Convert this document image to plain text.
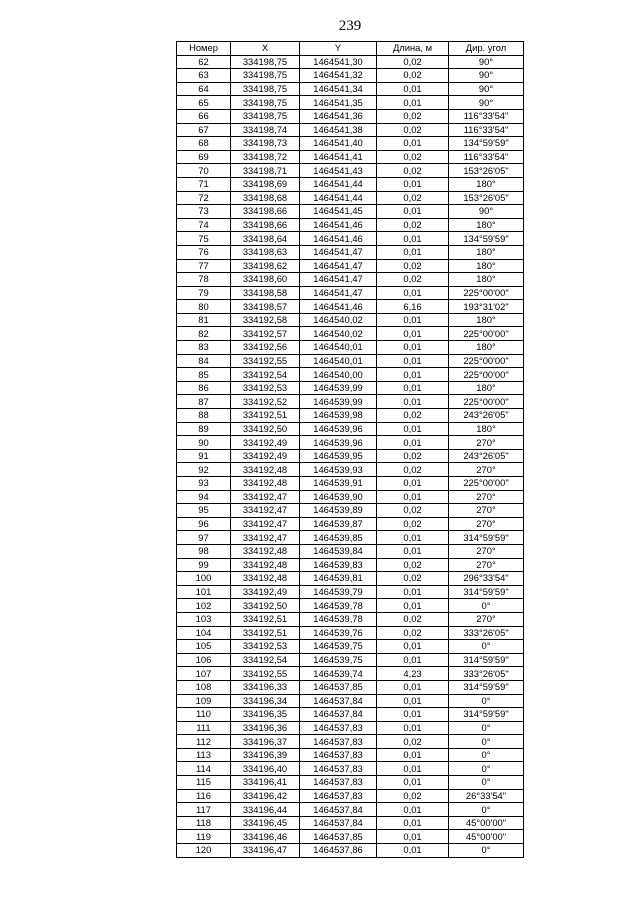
239
Номер	X	Y	Длина, м	Дир. угол
62	334198,75	1464541,30	0,02	90°
63	334198,75	1464541,32	0,02	90°
64	334198,75	1464541,34	0,01	90°
65	334198,75	1464541,35	0,01	90°
66	334198,75	1464541,36	0,02	116°33'54"
67	334198,74	1464541,38	0,02	116°33'54"
68	334198,73	1464541,40	0,01	134°59'59"
69	334198,72	1464541,41	0,02	116°33'54"
70	334198,71	1464541,43	0,02	153°26'05"
71	334198,69	1464541,44	0,01	180°
72	334198,68	1464541,44	0,02	153°26'05"
73	334198,66	1464541,45	0,01	90°
74	334198,66	1464541,46	0,02	180°
75	334198,64	1464541,46	0,01	134°59'59"
76	334198,63	1464541,47	0,01	180°
77	334198,62	1464541,47	0,02	180°
78	334198,60	1464541,47	0,02	180°
79	334198,58	1464541,47	0,01	225°00'00"
80	334198,57	1464541,46	6,16	193°31'02"
81	334192,58	1464540,02	0,01	180°
82	334192,57	1464540,02	0,01	225°00'00"
83	334192,56	1464540,01	0,01	180°
84	334192,55	1464540,01	0,01	225°00'00"
85	334192,54	1464540,00	0,01	225°00'00"
86	334192,53	1464539,99	0,01	180°
87	334192,52	1464539,99	0,01	225°00'00"
88	334192,51	1464539,98	0,02	243°26'05"
89	334192,50	1464539,96	0,01	180°
90	334192,49	1464539,96	0,01	270°
91	334192,49	1464539,95	0,02	243°26'05"
92	334192,48	1464539,93	0,02	270°
93	334192,48	1464539,91	0,01	225°00'00"
94	334192,47	1464539,90	0,01	270°
95	334192,47	1464539,89	0,02	270°
96	334192,47	1464539,87	0,02	270°
97	334192,47	1464539,85	0,01	314°59'59"
98	334192,48	1464539,84	0,01	270°
99	334192,48	1464539,83	0,02	270°
100	334192,48	1464539,81	0,02	296°33'54"
101	334192,49	1464539,79	0,01	314°59'59"
102	334192,50	1464539,78	0,01	0°
103	334192,51	1464539,78	0,02	270°
104	334192,51	1464539,76	0,02	333°26'05"
105	334192,53	1464539,75	0,01	0°
106	334192,54	1464539,75	0,01	314°59'59"
107	334192,55	1464539,74	4,23	333°26'05"
108	334196,33	1464537,85	0,01	314°59'59"
109	334196,34	1464537,84	0,01	0°
110	334196,35	1464537,84	0,01	314°59'59"
111	334196,36	1464537,83	0,01	0°
112	334196,37	1464537,83	0,02	0°
113	334196,39	1464537,83	0,01	0°
114	334196,40	1464537,83	0,01	0°
115	334196,41	1464537,83	0,01	0°
116	334196,42	1464537,83	0,02	26°33'54"
117	334196,44	1464537,84	0,01	0°
118	334196,45	1464537,84	0,01	45°00'00"
119	334196,46	1464537,85	0,01	45°00'00"
120	334196,47	1464537,86	0,01	0°
